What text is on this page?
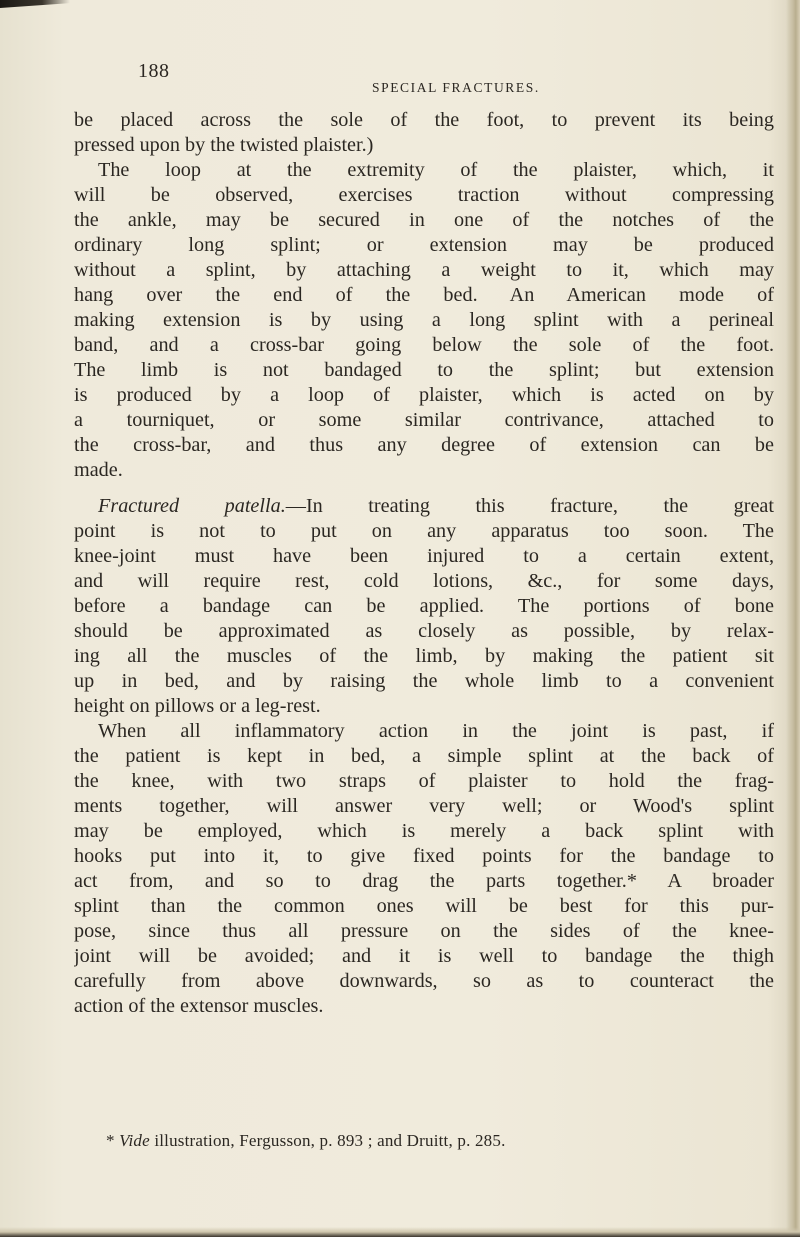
188
SPECIAL FRACTURES.
be placed across the sole of the foot, to prevent its being
pressed upon by the twisted plaister.)
The loop at the extremity of the plaister, which, it
will be observed, exercises traction without compressing
the ankle, may be secured in one of the notches of the
ordinary long splint; or extension may be produced
without a splint, by attaching a weight to it, which may
hang over the end of the bed. An American mode of
making extension is by using a long splint with a perineal
band, and a cross-bar going below the sole of the foot.
The limb is not bandaged to the splint; but extension
is produced by a loop of plaister, which is acted on by
a tourniquet, or some similar contrivance, attached to
the cross-bar, and thus any degree of extension can be
made.
Fractured patella.—In treating this fracture, the great
point is not to put on any apparatus too soon. The
knee-joint must have been injured to a certain extent,
and will require rest, cold lotions, &c., for some days,
before a bandage can be applied. The portions of bone
should be approximated as closely as possible, by relax-
ing all the muscles of the limb, by making the patient sit
up in bed, and by raising the whole limb to a convenient
height on pillows or a leg-rest.
When all inflammatory action in the joint is past, if
the patient is kept in bed, a simple splint at the back of
the knee, with two straps of plaister to hold the frag-
ments together, will answer very well; or Wood's splint
may be employed, which is merely a back splint with
hooks put into it, to give fixed points for the bandage to
act from, and so to drag the parts together.* A broader
splint than the common ones will be best for this pur-
pose, since thus all pressure on the sides of the knee-
joint will be avoided; and it is well to bandage the thigh
carefully from above downwards, so as to counteract the
action of the extensor muscles.
* Vide illustration, Fergusson, p. 893 ; and Druitt, p. 285.
